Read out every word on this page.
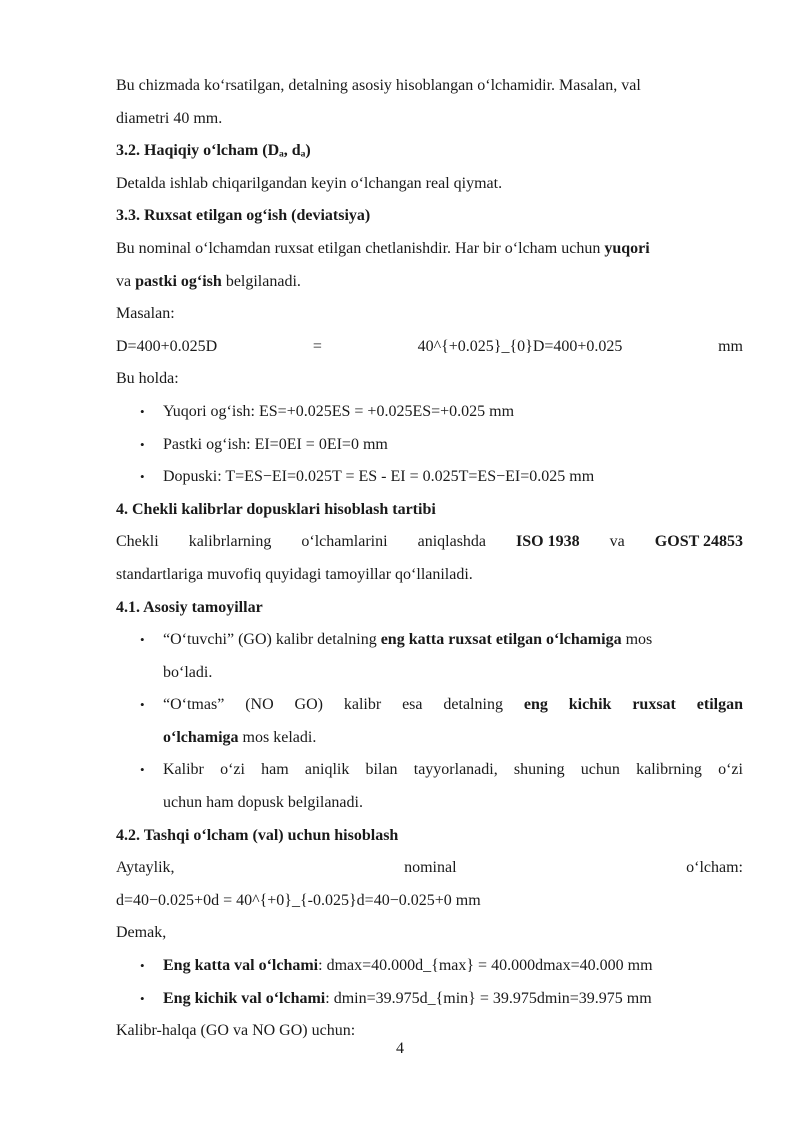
Bu chizmada ko‘rsatilgan, detalning asosiy hisoblangan o‘lchamidir. Masalan, val
diametri 40 mm.
3.2. Haqiqiy o‘lcham (Dₐ, dₐ)
Detalda ishlab chiqarilgandan keyin o‘lchangan real qiymat.
3.3. Ruxsat etilgan og‘ish (deviatsiya)
Bu nominal o‘lchamdan ruxsat etilgan chetlanishdir. Har bir o‘lcham uchun yuqori
va pastki og‘ish belgilanadi.
Masalan:
D=400+0.025D	=	40^{+0.025}_{0}D=400+0.025	mm
Bu holda:
• Yuqori og‘ish: ES=+0.025ES = +0.025ES=+0.025 mm
• Pastki og‘ish: EI=0EI = 0EI=0 mm
• Dopuski: T=ES−EI=0.025T = ES - EI = 0.025T=ES−EI=0.025 mm
4. Chekli kalibrlar dopusklari hisoblash tartibi
Chekli kalibrlarning o‘lchamlarini aniqlashda ISO 1938 va GOST 24853
standartlariga muvofiq quyidagi tamoyillar qo‘llaniladi.
4.1. Asosiy tamoyillar
• “O‘tuvchi” (GO) kalibr detalning eng katta ruxsat etilgan o‘lchamiga mos
bo‘ladi.
• “O‘tmas” (NO GO) kalibr esa detalning eng kichik ruxsat etilgan
o‘lchamiga mos keladi.
• Kalibr o‘zi ham aniqlik bilan tayyorlanadi, shuning uchun kalibrning o‘zi
uchun ham dopusk belgilanadi.
4.2. Tashqi o‘lcham (val) uchun hisoblash
Aytaylik,	nominal	o‘lcham:
d=40−0.025+0d = 40^{+0}_{-0.025}d=40−0.025+0 mm
Demak,
• Eng katta val o‘lchami: dmax=40.000d_{max} = 40.000dmax=40.000 mm
• Eng kichik val o‘lchami: dmin=39.975d_{min} = 39.975dmin=39.975 mm
Kalibr-halqa (GO va NO GO) uchun:
4
